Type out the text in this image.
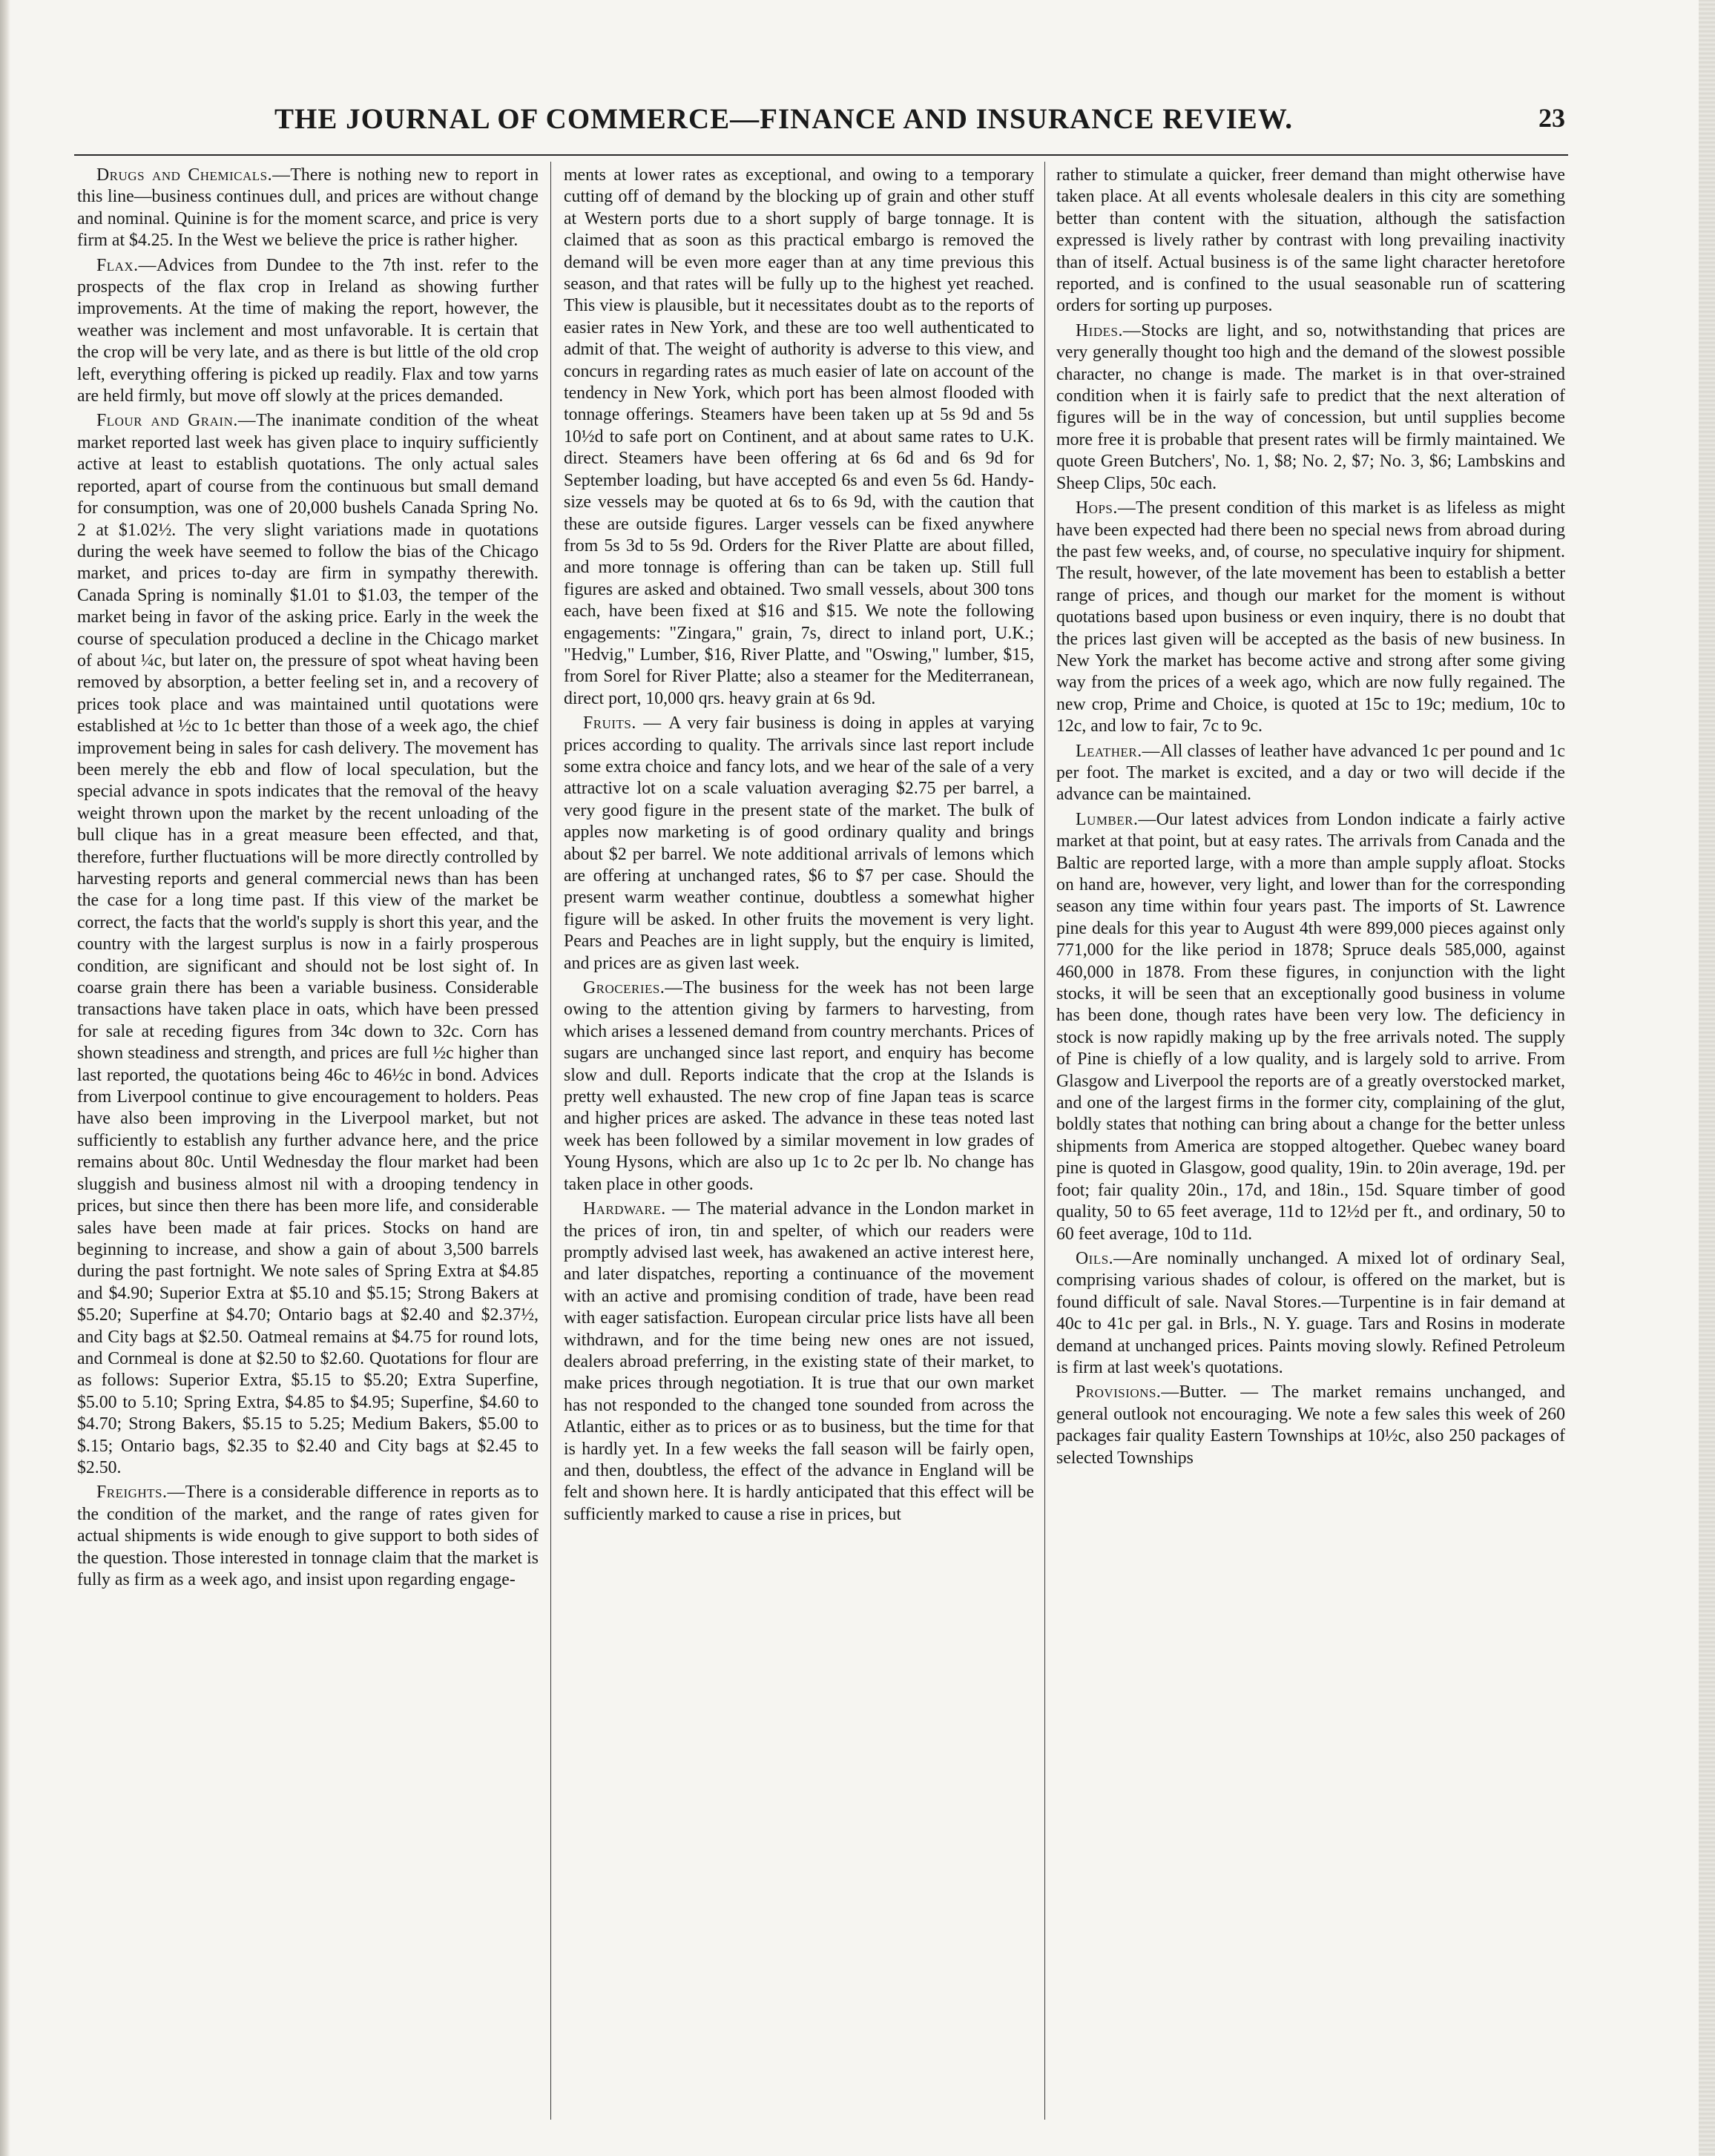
THE JOURNAL OF COMMERCE—FINANCE AND INSURANCE REVIEW.	23

Drugs and Chemicals.—There is nothing new to report in this line—business continues dull, and prices are without change and nominal. Quinine is for the moment scarce, and price is very firm at $4.25. In the West we believe the price is rather higher.

Flax.—Advices from Dundee to the 7th inst. refer to the prospects of the flax crop in Ireland as showing further improvements. At the time of making the report, however, the weather was inclement and most unfavorable. It is certain that the crop will be very late, and as there is but little of the old crop left, everything offering is picked up readily. Flax and tow yarns are held firmly, but move off slowly at the prices demanded.

Flour and Grain.—The inanimate condition of the wheat market reported last week has given place to inquiry sufficiently active at least to establish quotations. The only actual sales reported, apart of course from the continuous but small demand for consumption, was one of 20,000 bushels Canada Spring No. 2 at $1.02½. The very slight variations made in quotations during the week have seemed to follow the bias of the Chicago market, and prices to-day are firm in sympathy therewith. Canada Spring is nominally $1.01 to $1.03, the temper of the market being in favor of the asking price. Early in the week the course of speculation produced a decline in the Chicago market of about ¼c, but later on, the pressure of spot wheat having been removed by absorption, a better feeling set in, and a recovery of prices took place and was maintained until quotations were established at ½c to 1c better than those of a week ago, the chief improvement being in sales for cash delivery. The movement has been merely the ebb and flow of local speculation, but the special advance in spots indicates that the removal of the heavy weight thrown upon the market by the recent unloading of the bull clique has in a great measure been effected, and that, therefore, further fluctuations will be more directly controlled by harvesting reports and general commercial news than has been the case for a long time past. If this view of the market be correct, the facts that the world's supply is short this year, and the country with the largest surplus is now in a fairly prosperous condition, are significant and should not be lost sight of. In coarse grain there has been a variable business. Considerable transactions have taken place in oats, which have been pressed for sale at receding figures from 34c down to 32c. Corn has shown steadiness and strength, and prices are full ½c higher than last reported, the quotations being 46c to 46½c in bond. Advices from Liverpool continue to give encouragement to holders. Peas have also been improving in the Liverpool market, but not sufficiently to establish any further advance here, and the price remains about 80c. Until Wednesday the flour market had been sluggish and business almost nil with a drooping tendency in prices, but since then there has been more life, and considerable sales have been made at fair prices. Stocks on hand are beginning to increase, and show a gain of about 3,500 barrels during the past fortnight. We note sales of Spring Extra at $4.85 and $4.90; Superior Extra at $5.10 and $5.15; Strong Bakers at $5.20; Superfine at $4.70; Ontario bags at $2.40 and $2.37½, and City bags at $2.50. Oatmeal remains at $4.75 for round lots, and Cornmeal is done at $2.50 to $2.60. Quotations for flour are as follows: Superior Extra, $5.15 to $5.20; Extra Superfine, $5.00 to 5.10; Spring Extra, $4.85 to $4.95; Superfine, $4.60 to $4.70; Strong Bakers, $5.15 to 5.25; Medium Bakers, $5.00 to $.15; Ontario bags, $2.35 to $2.40 and City bags at $2.45 to $2.50.

Freights.—There is a considerable difference in reports as to the condition of the market, and the range of rates given for actual shipments is wide enough to give support to both sides of the question. Those interested in tonnage claim that the market is fully as firm as a week ago, and insist upon regarding engage-

ments at lower rates as exceptional, and owing to a temporary cutting off of demand by the blocking up of grain and other stuff at Western ports due to a short supply of barge tonnage. It is claimed that as soon as this practical embargo is removed the demand will be even more eager than at any time previous this season, and that rates will be fully up to the highest yet reached. This view is plausible, but it necessitates doubt as to the reports of easier rates in New York, and these are too well authenticated to admit of that. The weight of authority is adverse to this view, and concurs in regarding rates as much easier of late on account of the tendency in New York, which port has been almost flooded with tonnage offerings. Steamers have been taken up at 5s 9d and 5s 10½d to safe port on Continent, and at about same rates to U.K. direct. Steamers have been offering at 6s 6d and 6s 9d for September loading, but have accepted 6s and even 5s 6d. Handy-size vessels may be quoted at 6s to 6s 9d, with the caution that these are outside figures. Larger vessels can be fixed anywhere from 5s 3d to 5s 9d. Orders for the River Platte are about filled, and more tonnage is offering than can be taken up. Still full figures are asked and obtained. Two small vessels, about 300 tons each, have been fixed at $16 and $15. We note the following engagements: "Zingara," grain, 7s, direct to inland port, U.K.; "Hedvig," Lumber, $16, River Platte, and "Oswing," lumber, $15, from Sorel for River Platte; also a steamer for the Mediterranean, direct port, 10,000 qrs. heavy grain at 6s 9d.

Fruits. — A very fair business is doing in apples at varying prices according to quality. The arrivals since last report include some extra choice and fancy lots, and we hear of the sale of a very attractive lot on a scale valuation averaging $2.75 per barrel, a very good figure in the present state of the market. The bulk of apples now marketing is of good ordinary quality and brings about $2 per barrel. We note additional arrivals of lemons which are offering at unchanged rates, $6 to $7 per case. Should the present warm weather continue, doubtless a somewhat higher figure will be asked. In other fruits the movement is very light. Pears and Peaches are in light supply, but the enquiry is limited, and prices are as given last week.

Groceries.—The business for the week has not been large owing to the attention giving by farmers to harvesting, from which arises a lessened demand from country merchants. Prices of sugars are unchanged since last report, and enquiry has become slow and dull. Reports indicate that the crop at the Islands is pretty well exhausted. The new crop of fine Japan teas is scarce and higher prices are asked. The advance in these teas noted last week has been followed by a similar movement in low grades of Young Hysons, which are also up 1c to 2c per lb. No change has taken place in other goods.

Hardware. — The material advance in the London market in the prices of iron, tin and spelter, of which our readers were promptly advised last week, has awakened an active interest here, and later dispatches, reporting a continuance of the movement with an active and promising condition of trade, have been read with eager satisfaction. European circular price lists have all been withdrawn, and for the time being new ones are not issued, dealers abroad preferring, in the existing state of their market, to make prices through negotiation. It is true that our own market has not responded to the changed tone sounded from across the Atlantic, either as to prices or as to business, but the time for that is hardly yet. In a few weeks the fall season will be fairly open, and then, doubtless, the effect of the advance in England will be felt and shown here. It is hardly anticipated that this effect will be sufficiently marked to cause a rise in prices, but

rather to stimulate a quicker, freer demand than might otherwise have taken place. At all events wholesale dealers in this city are something better than content with the situation, although the satisfaction expressed is lively rather by contrast with long prevailing inactivity than of itself. Actual business is of the same light character heretofore reported, and is confined to the usual seasonable run of scattering orders for sorting up purposes.

Hides.—Stocks are light, and so, notwithstanding that prices are very generally thought too high and the demand of the slowest possible character, no change is made. The market is in that over-strained condition when it is fairly safe to predict that the next alteration of figures will be in the way of concession, but until supplies become more free it is probable that present rates will be firmly maintained. We quote Green Butchers', No. 1, $8; No. 2, $7; No. 3, $6; Lambskins and Sheep Clips, 50c each.

Hops.—The present condition of this market is as lifeless as might have been expected had there been no special news from abroad during the past few weeks, and, of course, no speculative inquiry for shipment. The result, however, of the late movement has been to establish a better range of prices, and though our market for the moment is without quotations based upon business or even inquiry, there is no doubt that the prices last given will be accepted as the basis of new business. In New York the market has become active and strong after some giving way from the prices of a week ago, which are now fully regained. The new crop, Prime and Choice, is quoted at 15c to 19c; medium, 10c to 12c, and low to fair, 7c to 9c.

Leather.—All classes of leather have advanced 1c per pound and 1c per foot. The market is excited, and a day or two will decide if the advance can be maintained.

Lumber.—Our latest advices from London indicate a fairly active market at that point, but at easy rates. The arrivals from Canada and the Baltic are reported large, with a more than ample supply afloat. Stocks on hand are, however, very light, and lower than for the corresponding season any time within four years past. The imports of St. Lawrence pine deals for this year to August 4th were 899,000 pieces against only 771,000 for the like period in 1878; Spruce deals 585,000, against 460,000 in 1878. From these figures, in conjunction with the light stocks, it will be seen that an exceptionally good business in volume has been done, though rates have been very low. The deficiency in stock is now rapidly making up by the free arrivals noted. The supply of Pine is chiefly of a low quality, and is largely sold to arrive. From Glasgow and Liverpool the reports are of a greatly overstocked market, and one of the largest firms in the former city, complaining of the glut, boldly states that nothing can bring about a change for the better unless shipments from America are stopped altogether. Quebec waney board pine is quoted in Glasgow, good quality, 19in. to 20in average, 19d. per foot; fair quality 20in., 17d, and 18in., 15d. Square timber of good quality, 50 to 65 feet average, 11d to 12½d per ft., and ordinary, 50 to 60 feet average, 10d to 11d.

Oils.—Are nominally unchanged. A mixed lot of ordinary Seal, comprising various shades of colour, is offered on the market, but is found difficult of sale. Naval Stores.—Turpentine is in fair demand at 40c to 41c per gal. in Brls., N. Y. guage. Tars and Rosins in moderate demand at unchanged prices. Paints moving slowly. Refined Petroleum is firm at last week's quotations.

Provisions.—Butter. — The market remains unchanged, and general outlook not encouraging. We note a few sales this week of 260 packages fair quality Eastern Townships at 10½c, also 250 packages of selected Townships
